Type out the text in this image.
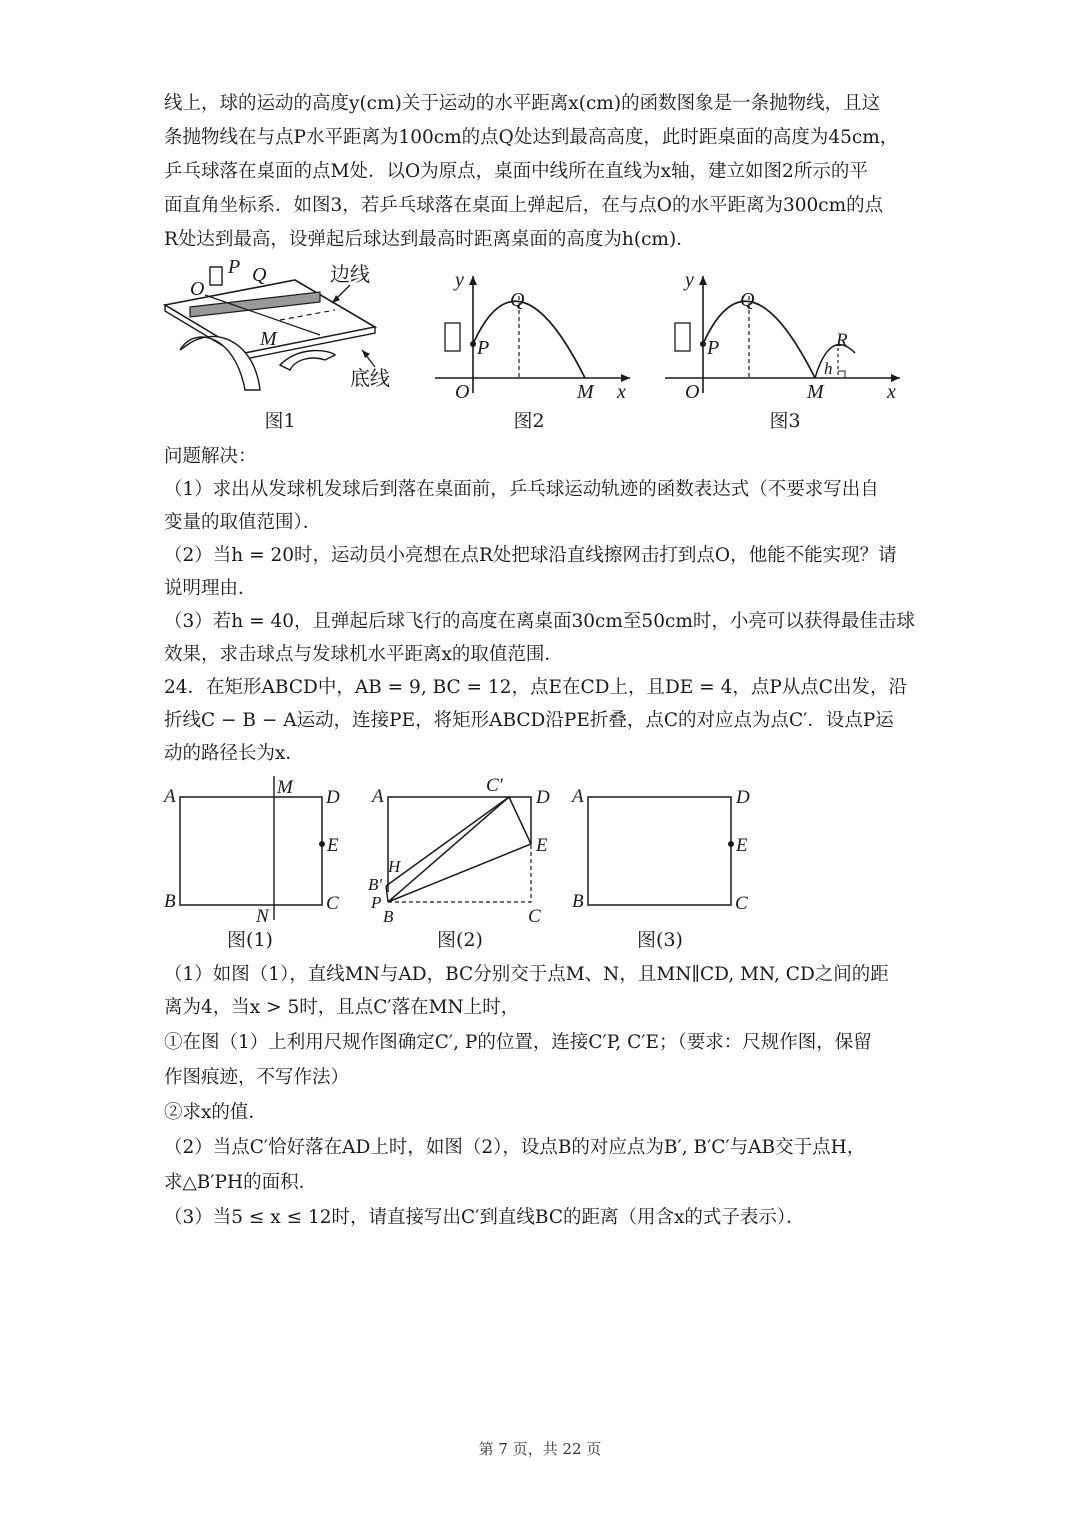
线上，球的运动的高度y(cm)关于运动的水平距离x(cm)的函数图象是一条抛物线，且这
条抛物线在与点P水平距离为100cm的点Q处达到最高高度，此时距桌面的高度为45cm，
乒乓球落在桌面的点M处．以O为原点，桌面中线所在直线为x轴，建立如图2所示的平
面直角坐标系．如图3，若乒乓球落在桌面上弹起后，在与点O的水平距离为300cm的点
R处达到最高，设弹起后球达到最高时距离桌面的高度为h(cm)．
P Q
O
M
边线
底线
图1
y
Q
P
O	M x
图2
y
Q
P
O	M	x
R
h
图3
问题解决：
（1）求出从发球机发球后到落在桌面前，乒乓球运动轨迹的函数表达式（不要求写出自
变量的取值范围）．
（2）当h = 20时，运动员小亮想在点R处把球沿直线擦网击打到点O，他能不能实现？请
说明理由．
（3）若h = 40，且弹起后球飞行的高度在离桌面30cm至50cm时，小亮可以获得最佳击球
效果，求击球点与发球机水平距离x的取值范围．
24．在矩形ABCD中，AB = 9, BC = 12，点E在CD上，且DE = 4，点P从点C出发，沿
折线C − B − A运动，连接PE，将矩形ABCD沿PE折叠，点C的对应点为点C′．设点P运
动的路径长为x．
A	M D
E
B
N
C
图(1)
A
C′
D
E
H
B′
P
B	C
图(2)
A	D
E
B	C
图(3)
（1）如图（1），直线MN与AD，BC分别交于点M、N，且MN∥CD, MN, CD之间的距
离为4，当x > 5时，且点C′落在MN上时，
①在图（1）上利用尺规作图确定C′, P的位置，连接C′P, C′E；（要求：尺规作图，保留
作图痕迹，不写作法）
②求x的值．
（2）当点C′恰好落在AD上时，如图（2），设点B的对应点为B′, B′C′与AB交于点H，
求△B′PH的面积．
（3）当5 ≤ x ≤ 12时，请直接写出C′到直线BC的距离（用含x的式子表示）．
第 7 页，共 22 页
